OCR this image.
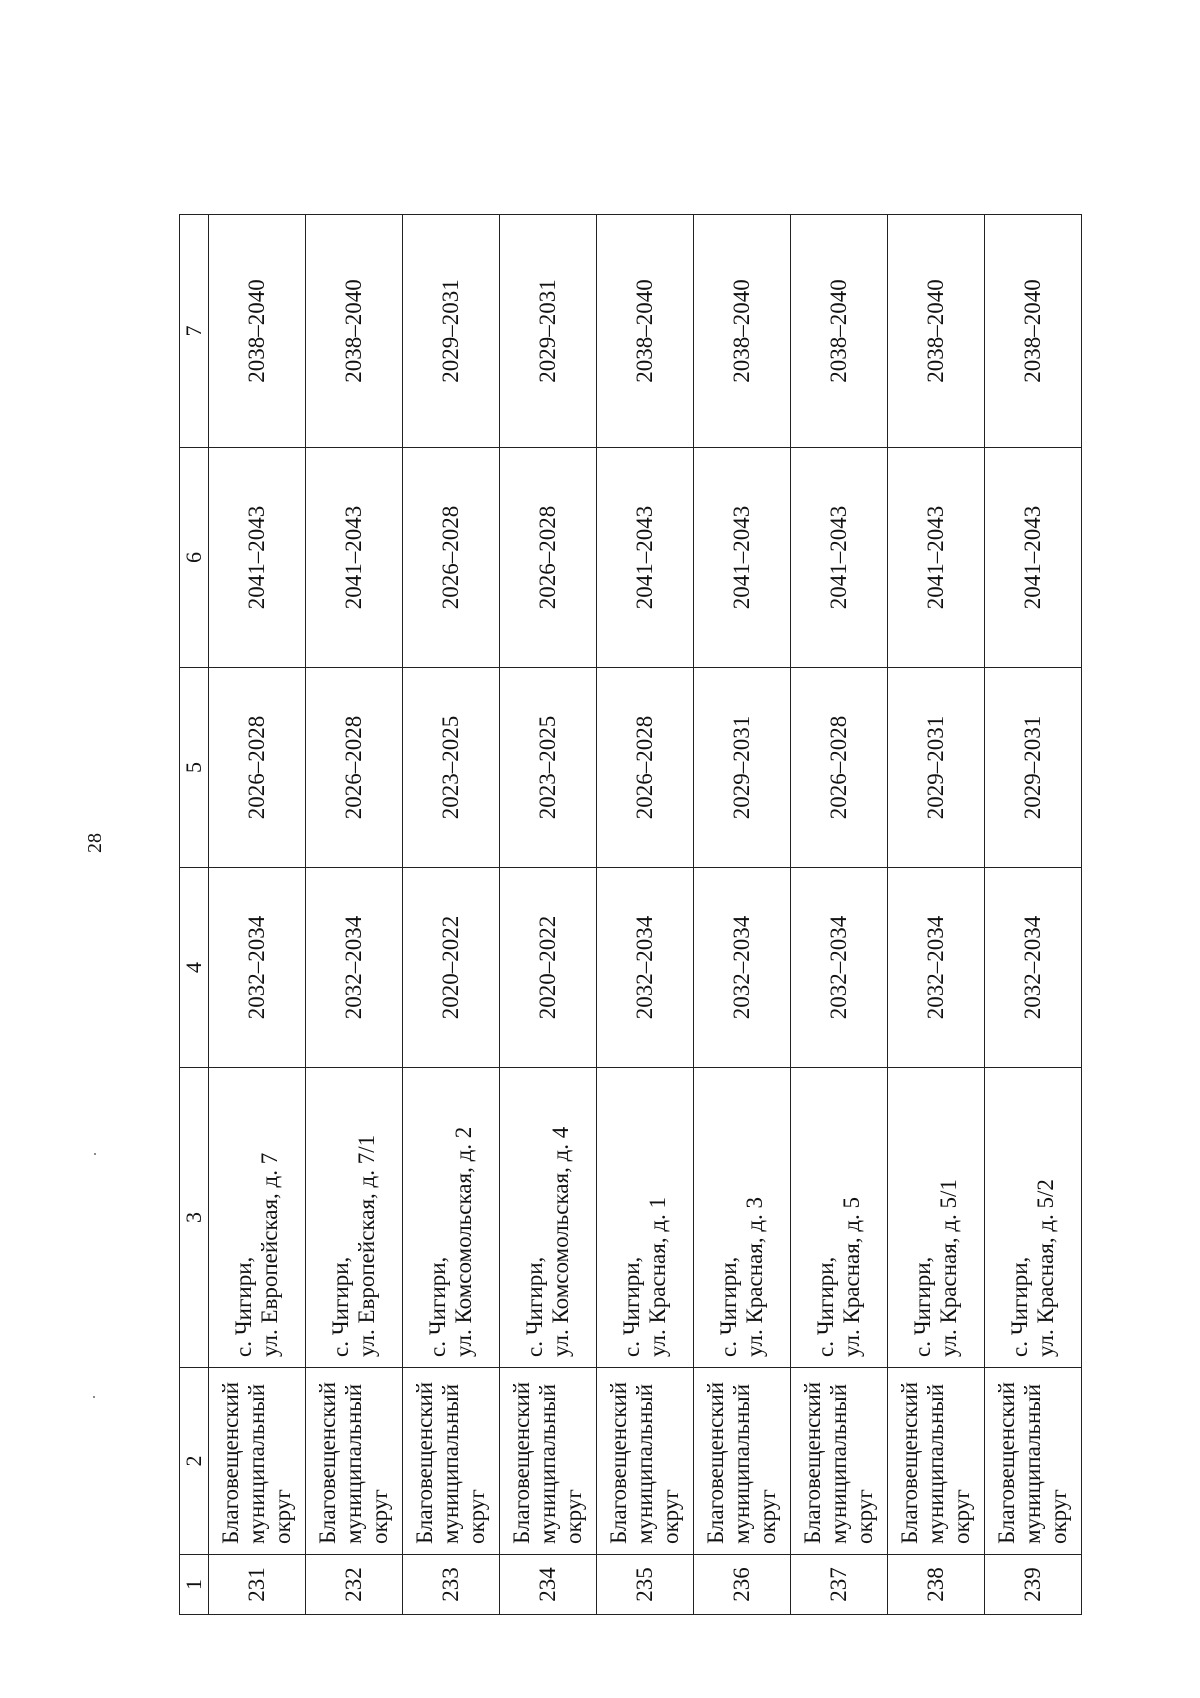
28
1	2	3	4	5	6	7
231	Благовещенский муниципальный округ	с. Чигири, ул. Европейская, д. 7	2032–2034	2026–2028	2041–2043	2038–2040
232	Благовещенский муниципальный округ	с. Чигири, ул. Европейская, д. 7/1	2032–2034	2026–2028	2041–2043	2038–2040
233	Благовещенский муниципальный округ	с. Чигири, ул. Комсомольская, д. 2	2020–2022	2023–2025	2026–2028	2029–2031
234	Благовещенский муниципальный округ	с. Чигири, ул. Комсомольская, д. 4	2020–2022	2023–2025	2026–2028	2029–2031
235	Благовещенский муниципальный округ	с. Чигири, ул. Красная, д. 1	2032–2034	2026–2028	2041–2043	2038–2040
236	Благовещенский муниципальный округ	с. Чигири, ул. Красная, д. 3	2032–2034	2029–2031	2041–2043	2038–2040
237	Благовещенский муниципальный округ	с. Чигири, ул. Красная, д. 5	2032–2034	2026–2028	2041–2043	2038–2040
238	Благовещенский муниципальный округ	с. Чигири, ул. Красная, д. 5/1	2032–2034	2029–2031	2041–2043	2038–2040
239	Благовещенский муниципальный округ	с. Чигири, ул. Красная, д. 5/2	2032–2034	2029–2031	2041–2043	2038–2040
